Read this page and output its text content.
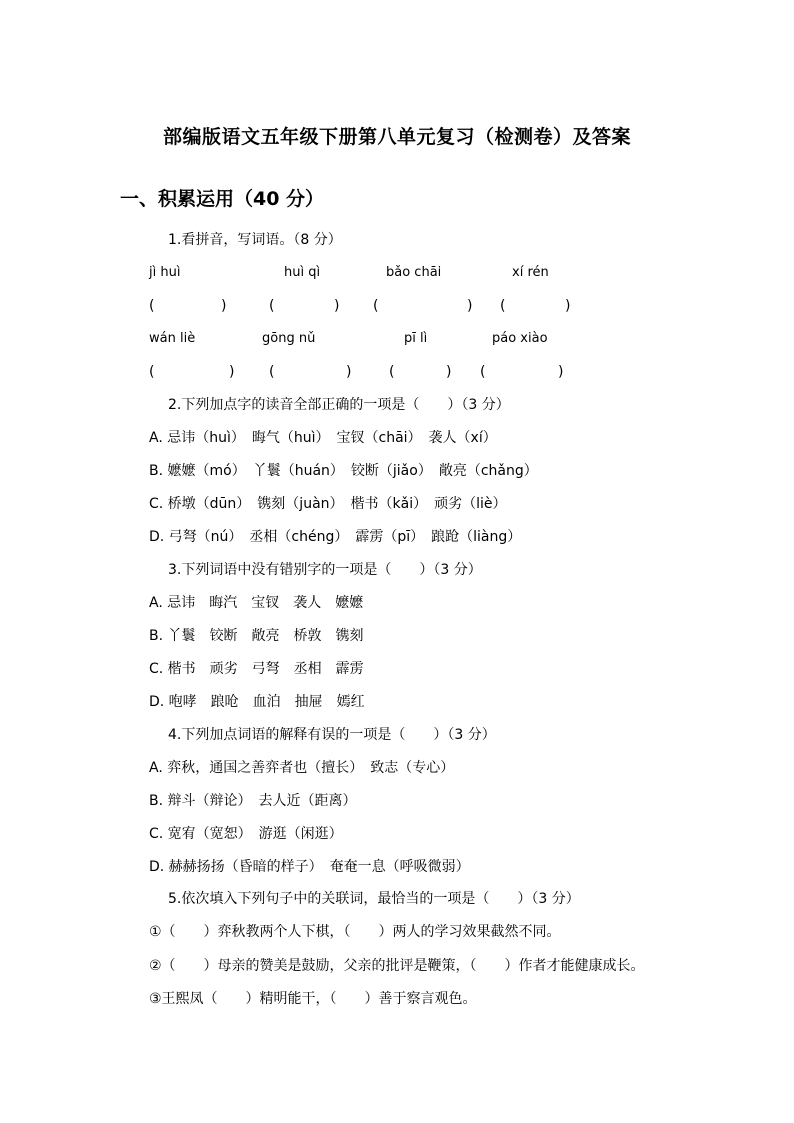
部编版语文五年级下册第八单元复习（检测卷）及答案
一、积累运用（40 分）
1.看拼音，写词语。（8 分）
jì huì	huì qì	bǎo chāi	xí rén
(	)	(	) (	) (	)
wán liè	gōng nǔ	pī lì	páo xiào
(	) (	)	(	) (	)
2.下列加点字的读音全部正确的一项是（　　）（3 分）
A. 忌讳（huì）　晦气（huì）　宝钗（chāi）　袭人（xí）
B. 嬷嬷（mó）　丫鬟（huán）　铰断（jiǎo）　敞亮（chǎng）
C. 桥墩（dūn）　镌刻（juàn）　楷书（kǎi）　顽劣（liè）
D. 弓弩（nú）　丞相（chéng）　霹雳（pī）　踉跄（liàng）
3.下列词语中没有错别字的一项是（　　）（3 分）
A. 忌讳　晦汽　宝钗　袭人　嬷嬷
B. 丫鬟　铰断　敞亮　桥敦　镌刻
C. 楷书　顽劣　弓弩　丞相　霹雳
D. 咆哮　踉呛　血泊　抽屉　嫣红
4.下列加点词语的解释有误的一项是（　　）（3 分）
A. 弈秋，通国之善弈者也（擅长）　致志（专心）
B. 辩斗（辩论）　去人近（距离）
C. 宽宥（宽恕）　游逛（闲逛）
D. 赫赫扬扬（昏暗的样子）　奄奄一息（呼吸微弱）
5.依次填入下列句子中的关联词，最恰当的一项是（　　）（3 分）
①（　　）弈秋教两个人下棋，（　　）两人的学习效果截然不同。
②（　　）母亲的赞美是鼓励，父亲的批评是鞭策，（　　）作者才能健康成长。
③王熙凤（　　）精明能干，（　　）善于察言观色。
